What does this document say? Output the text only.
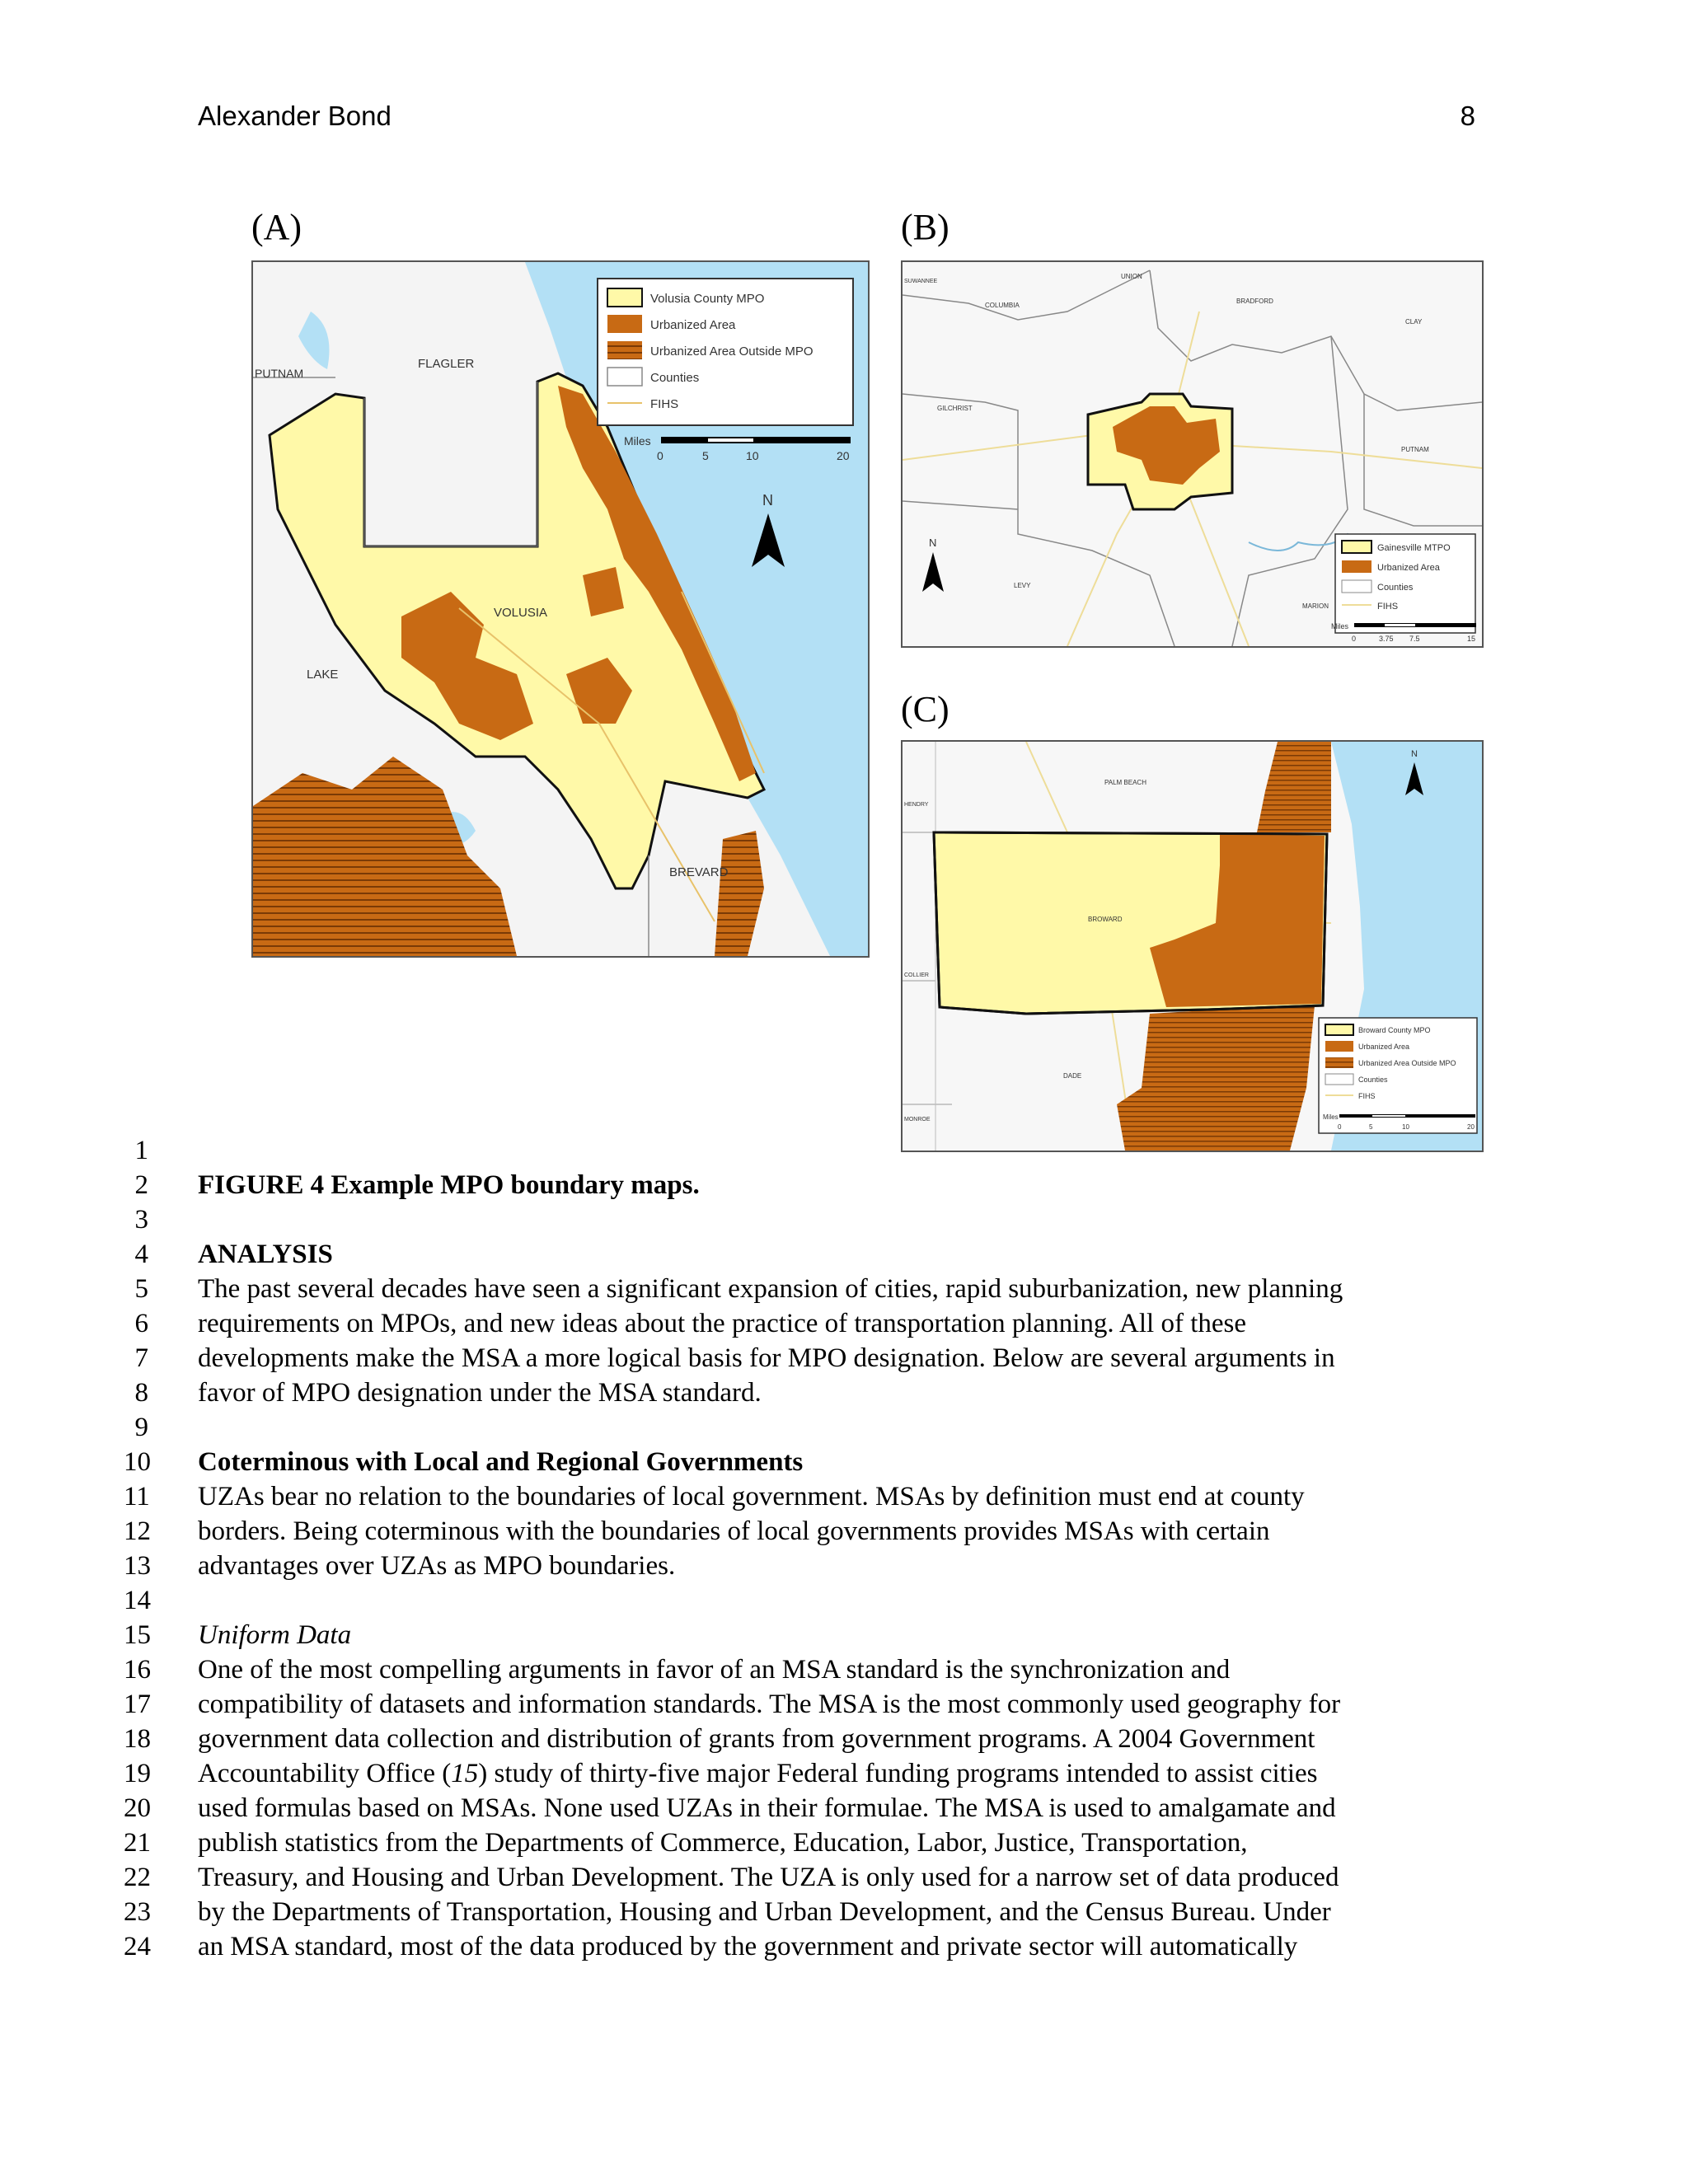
Alexander Bond	8
(A)	(B)
(C)
FLAGLER
PUTNAM
VOLUSIA
LAKE
BREVARD
Volusia County MPO
Urbanized Area
Urbanized Area Outside MPO
Counties
FIHS
Miles
0	5	10	20
N
UNION
BRADFORD
COLUMBIA
CLAY
GILCHRIST
PUTNAM
LEVY
MARION
SUWANNEE
Gainesville MTPO
Urbanized Area
Counties
FIHS
Miles
0	3.75 7.5	15
N
PALM BEACH
HENDRY
BROWARD
COLLIER
DADE
MONROE
Broward County MPO
Urbanized Area
Urbanized Area Outside MPO
Counties
FIHS
Miles
0	5	10	20
N
1
2
3
4
5
6
7
8
9
10
11
12
13
14
15
16
17
18
19
20
21
22
23
24
FIGURE 4 Example MPO boundary maps.
ANALYSIS
The past several decades have seen a significant expansion of cities, rapid suburbanization, new planning
requirements on MPOs, and new ideas about the practice of transportation planning. All of these
developments make the MSA a more logical basis for MPO designation. Below are several arguments in
favor of MPO designation under the MSA standard.
Coterminous with Local and Regional Governments
UZAs bear no relation to the boundaries of local government. MSAs by definition must end at county
borders. Being coterminous with the boundaries of local governments provides MSAs with certain
advantages over UZAs as MPO boundaries.
Uniform Data
One of the most compelling arguments in favor of an MSA standard is the synchronization and
compatibility of datasets and information standards. The MSA is the most commonly used geography for
government data collection and distribution of grants from government programs. A 2004 Government
Accountability Office (15) study of thirty-five major Federal funding programs intended to assist cities
used formulas based on MSAs. None used UZAs in their formulae. The MSA is used to amalgamate and
publish statistics from the Departments of Commerce, Education, Labor, Justice, Transportation,
Treasury, and Housing and Urban Development. The UZA is only used for a narrow set of data produced
by the Departments of Transportation, Housing and Urban Development, and the Census Bureau. Under
an MSA standard, most of the data produced by the government and private sector will automatically
